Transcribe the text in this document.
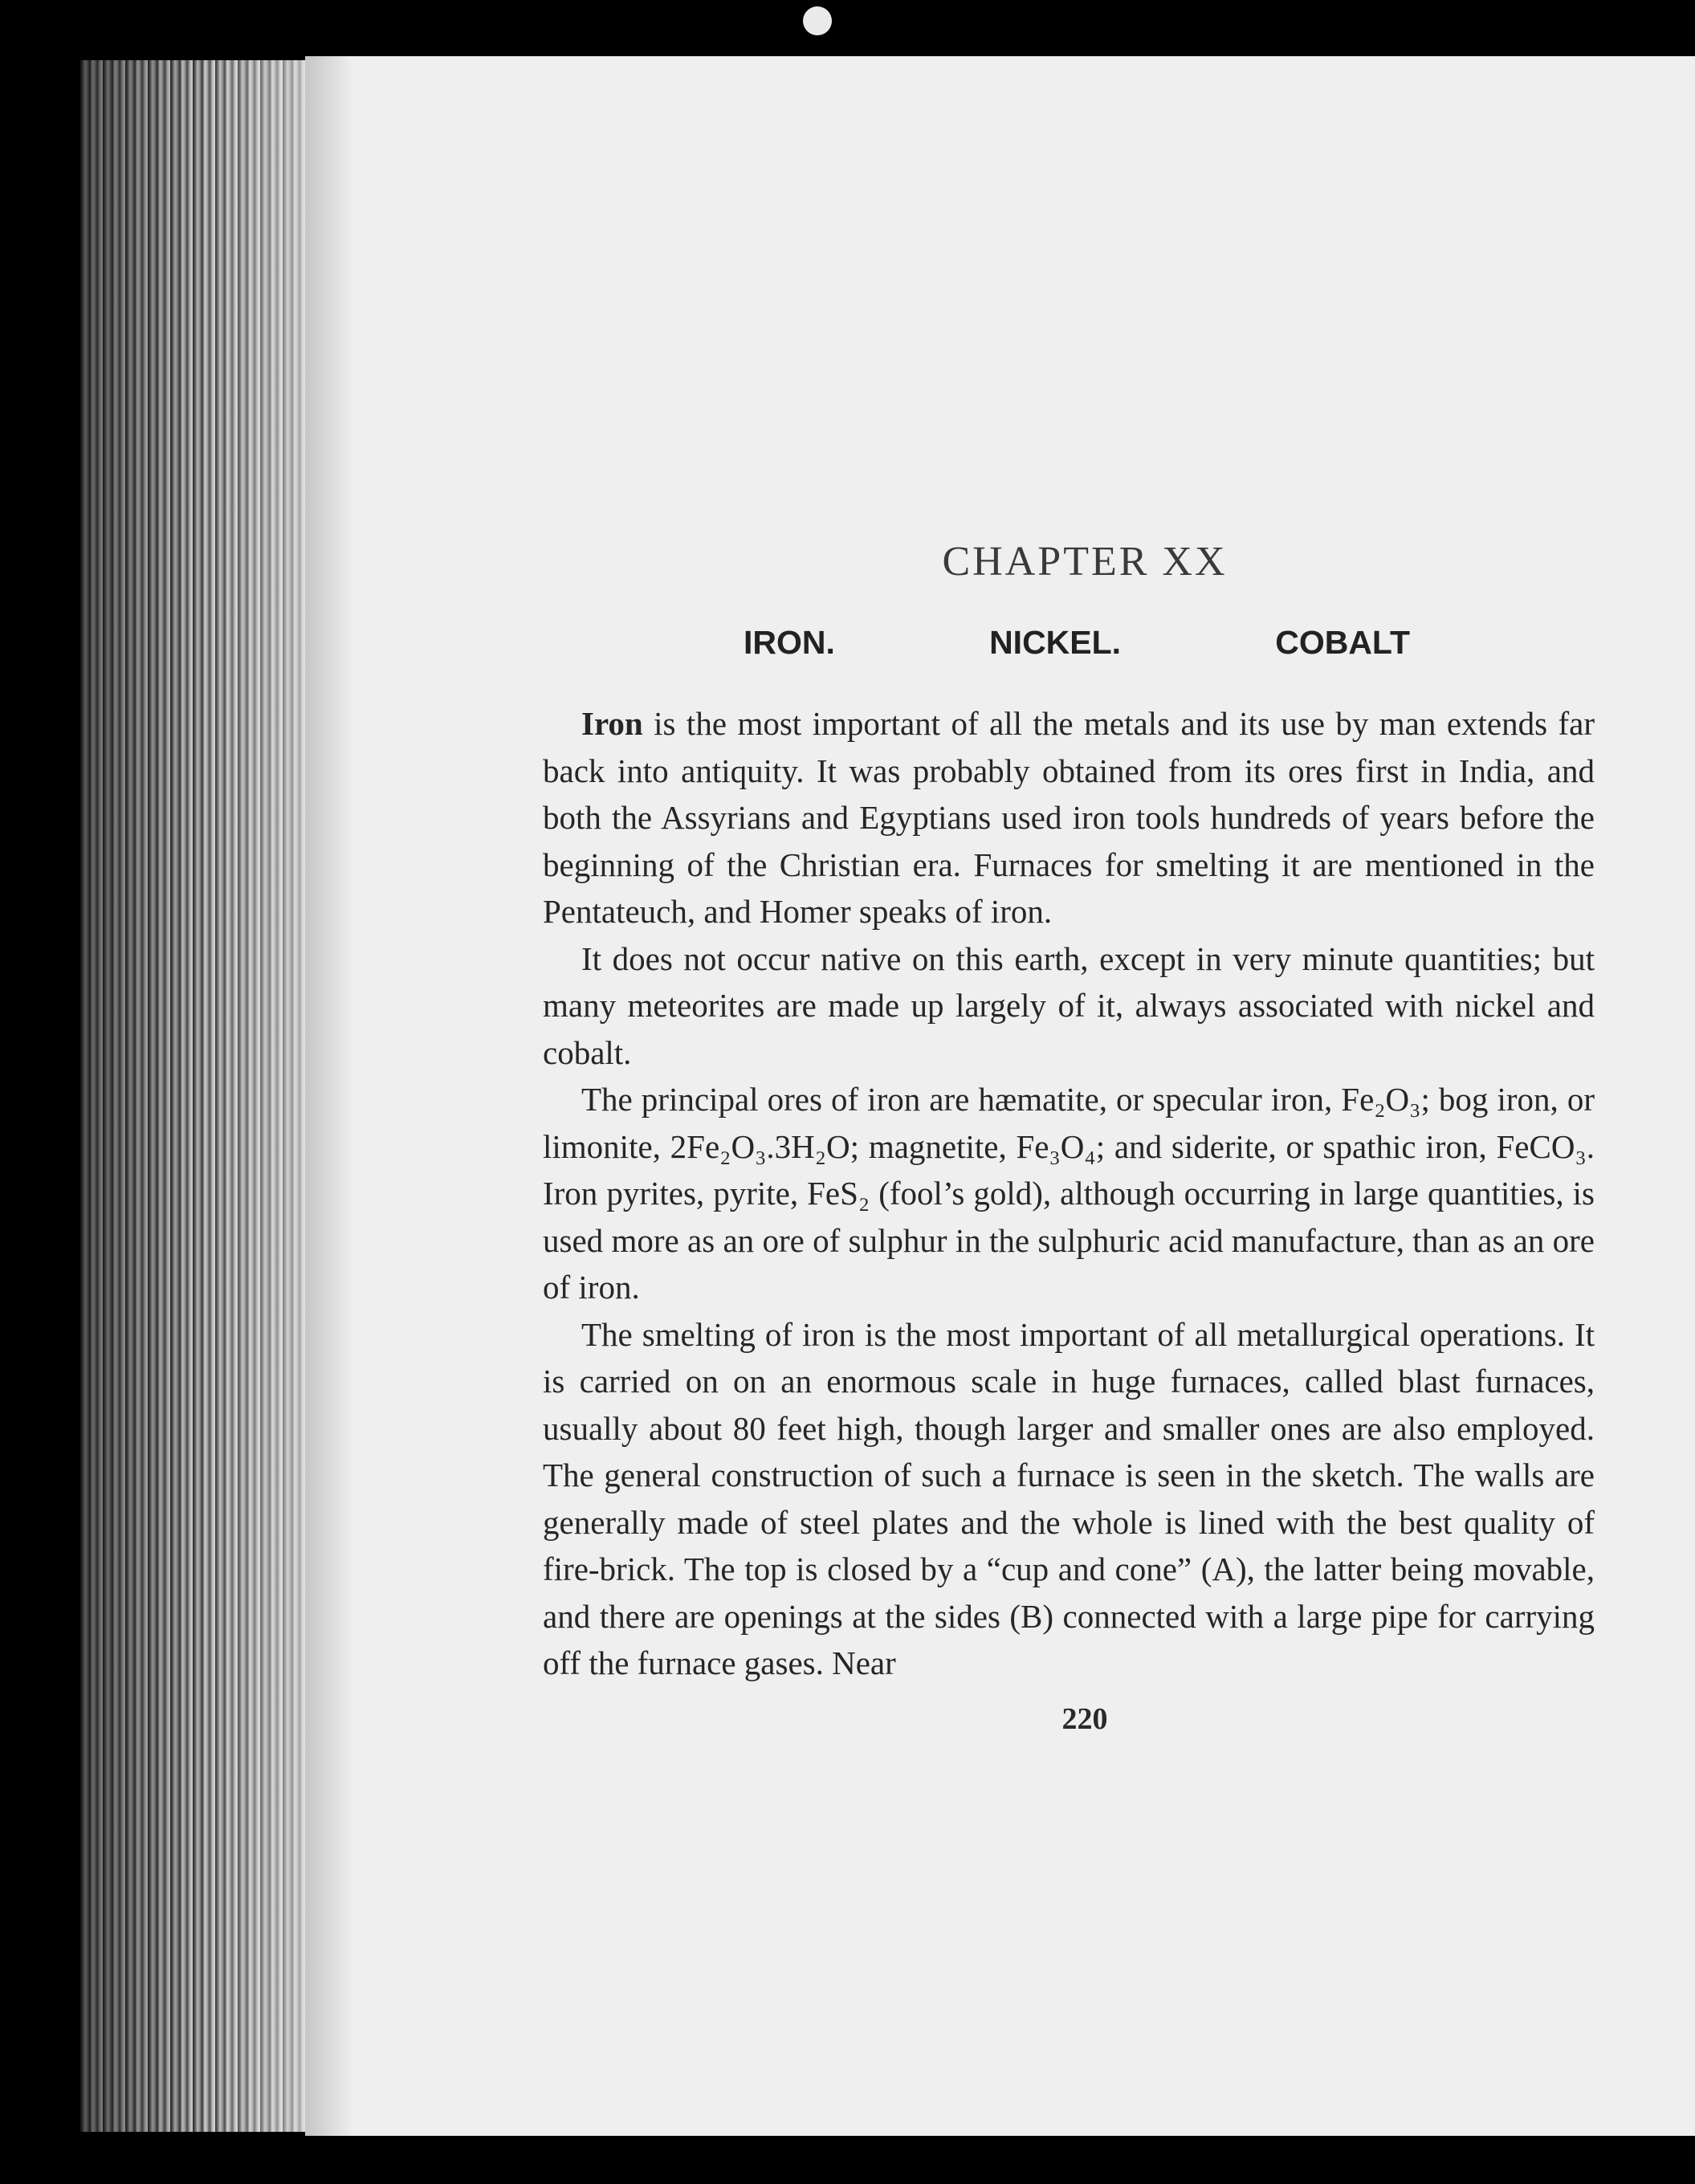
CHAPTER XX
IRON.	NICKEL.	COBALT

Iron is the most important of all the metals and its use by man extends far back into antiquity. It was probably obtained from its ores first in India, and both the Assyrians and Egyptians used iron tools hundreds of years before the beginning of the Christian era. Furnaces for smelting it are mentioned in the Pentateuch, and Homer speaks of iron.

It does not occur native on this earth, except in very minute quantities; but many meteorites are made up largely of it, always associated with nickel and cobalt.

The principal ores of iron are hæmatite, or specular iron, Fe₂O₃; bog iron, or limonite, 2Fe₂O₃.3H₂O; magnetite, Fe₃O₄; and siderite, or spathic iron, FeCO₃. Iron pyrites, pyrite, FeS₂ (fool’s gold), although occurring in large quantities, is used more as an ore of sulphur in the sulphuric acid manufacture, than as an ore of iron.

The smelting of iron is the most important of all metallurgical operations. It is carried on on an enormous scale in huge furnaces, called blast furnaces, usually about 80 feet high, though larger and smaller ones are also employed. The general construction of such a furnace is seen in the sketch. The walls are generally made of steel plates and the whole is lined with the best quality of fire-brick. The top is closed by a “cup and cone” (A), the latter being movable, and there are openings at the sides (B) connected with a large pipe for carrying off the furnace gases. Near

220
